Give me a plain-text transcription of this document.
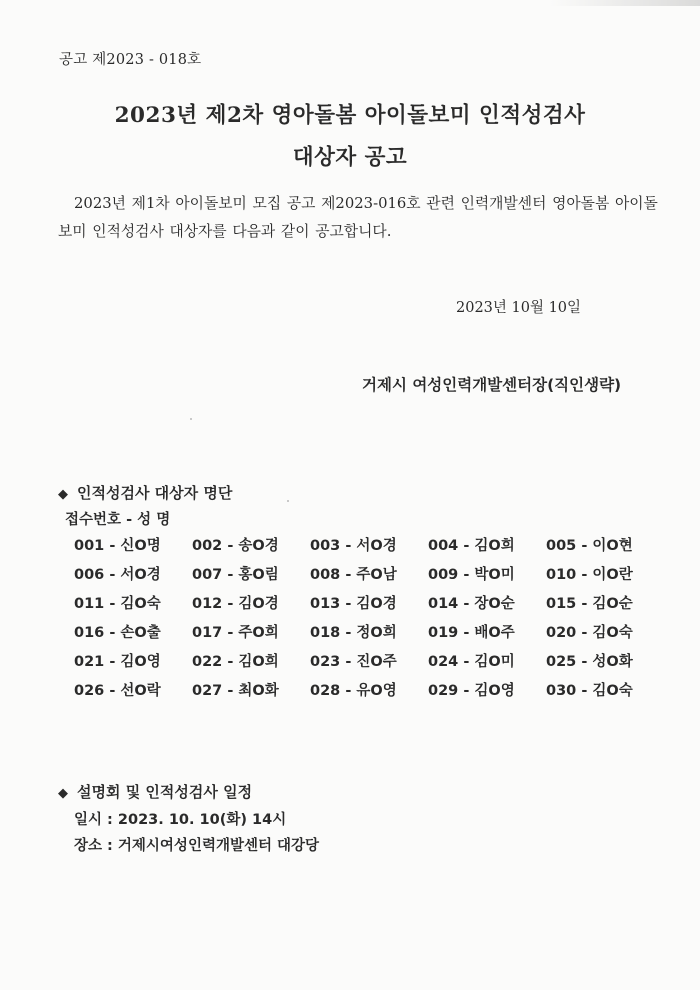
공고 제2023 - 018호
2023년 제2차 영아돌봄 아이돌보미 인적성검사
대상자 공고
2023년 제1차 아이돌보미 모집 공고 제2023-016호 관련 인력개발센터 영아돌봄 아이돌보미 인적성검사 대상자를 다음과 같이 공고합니다.
2023년 10월 10일
거제시 여성인력개발센터장(직인생략)
◆ 인적성검사 대상자 명단
접수번호 - 성 명
001 - 신O명 002 - 송O경 003 - 서O경 004 - 김O희 005 - 이O현
006 - 서O경 007 - 홍O림 008 - 주O남 009 - 박O미 010 - 이O란
011 - 김O숙 012 - 김O경 013 - 김O경 014 - 장O순 015 - 김O순
016 - 손O출 017 - 주O희 018 - 정O희 019 - 배O주 020 - 김O숙
021 - 김O영 022 - 김O희 023 - 진O주 024 - 김O미 025 - 성O화
026 - 선O락 027 - 최O화 028 - 유O영 029 - 김O영 030 - 김O숙
◆ 설명회 및 인적성검사 일정
일시 : 2023. 10. 10(화) 14시
장소 : 거제시여성인력개발센터 대강당
